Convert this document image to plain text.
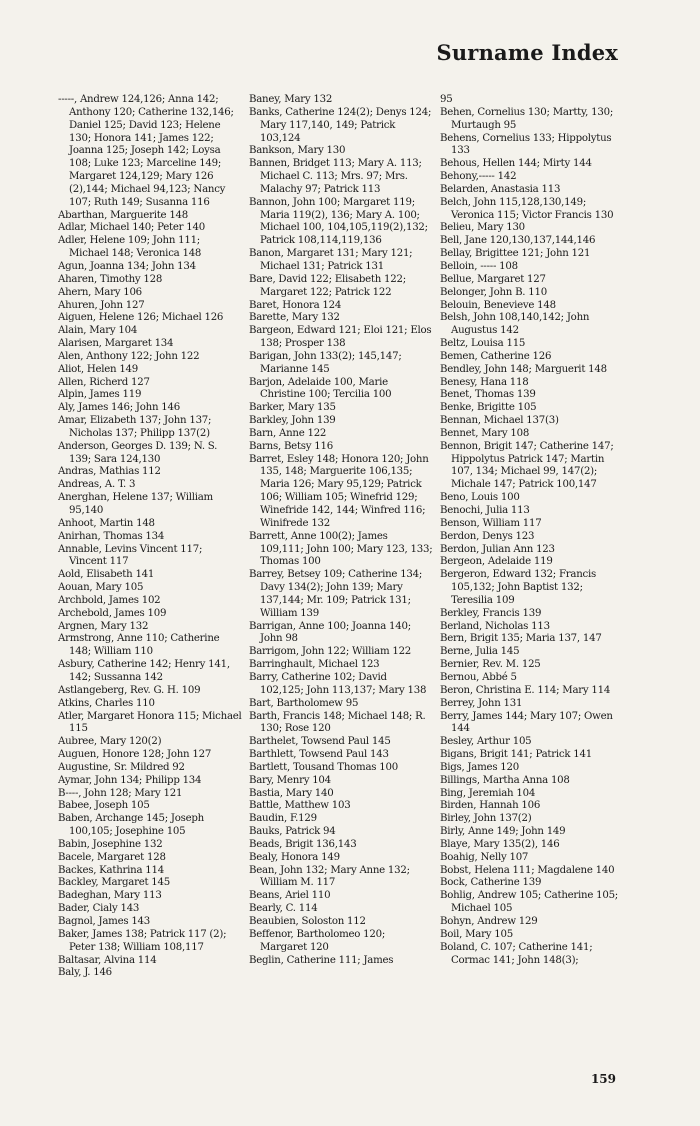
Surname Index

-----, Andrew 124,126; Anna 142; Anthony 120; Catherine 132,146; Daniel 125; David 123; Helene 130; Honora 141; James 122; Joanna 125; Joseph 142; Loysa 108; Luke 123; Marceline 149; Margaret 124,129; Mary 126 (2),144; Michael 94,123; Nancy 107; Ruth 149; Susanna 116

Abarthan, Marguerite 148

Adlar, Michael 140; Peter 140

Adler, Helene 109; John 111; Michael 148; Veronica 148

Agun, Joanna 134; John 134

Aharen, Timothy 128

Ahern, Mary 106

Ahuren, John 127

Aiguen, Helene 126; Michael 126

Alain, Mary 104

Alarisen, Margaret 134

Alen, Anthony 122; John 122

Aliot, Helen 149

Allen, Richerd 127

Alpin, James 119

Aly, James 146; John 146

Amar, Elizabeth 137; John 137; Nicholas 137; Philipp 137(2)

Anderson, Georges D. 139; N. S. 139; Sara 124,130

Andras, Mathias 112

Andreas, A. T. 3

Anerghan, Helene 137; William 95,140

Anhoot, Martin 148

Anirhan, Thomas 134

Annable, Levins Vincent 117; Vincent 117

Aold, Elisabeth 141

Aouan, Mary 105

Archbold, James 102

Archebold, James 109

Argnen, Mary 132

Armstrong, Anne 110; Catherine 148; William 110

Asbury, Catherine 142; Henry 141, 142; Sussanna 142

Astlangeberg, Rev. G. H. 109

Atkins, Charles 110

Atler, Margaret Honora 115; Michael 115

Aubree, Mary 120(2)

Auguen, Honore 128; John 127

Augustine, Sr. Mildred 92

Aymar, John 134; Philipp 134

B----, John 128; Mary 121

Babee, Joseph 105

Baben, Archange 145; Joseph 100,105; Josephine 105

Babin, Josephine 132

Bacele, Margaret 128

Backes, Kathrina 114

Backley, Margaret 145

Badeghan, Mary 113

Bader, Cialy 143

Bagnol, James 143

Baker, James 138; Patrick 117 (2); Peter 138; William 108,117

Baltasar, Alvina 114

Baly, J. 146

Baney, Mary 132

Banks, Catherine 124(2); Denys 124; Mary 117,140, 149; Patrick 103,124

Bankson, Mary 130

Bannen, Bridget 113; Mary A. 113; Michael C. 113; Mrs. 97; Mrs. Malachy 97; Patrick 113

Bannon, John 100; Margaret 119; Maria 119(2), 136; Mary A. 100; Michael 100, 104,105,119(2),132; Patrick 108,114,119,136

Banon, Margaret 131; Mary 121; Michael 131; Patrick 131

Bare, David 122; Elisabeth 122; Margaret 122; Patrick 122

Baret, Honora 124

Barette, Mary 132

Bargeon, Edward 121; Eloi 121; Elos 138; Prosper 138

Barigan, John 133(2); 145,147; Marianne 145

Barjon, Adelaide 100, Marie Christine 100; Tercilia 100

Barker, Mary 135

Barkley, John 139

Barn, Anne 122

Barns, Betsy 116

Barret, Esley 148; Honora 120; John 135, 148; Marguerite 106,135; Maria 126; Mary 95,129; Patrick 106; William 105; Winefrid 129; Winefride 142, 144; Winfred 116; Winifrede 132

Barrett, Anne 100(2); James 109,111; John 100; Mary 123, 133; Thomas 100

Barrey, Betsey 109; Catherine 134; Davy 134(2); John 139; Mary 137,144; Mr. 109; Patrick 131; William 139

Barrigan, Anne 100; Joanna 140; John 98

Barrigom, John 122; William 122

Barringhault, Michael 123

Barry, Catherine 102; David 102,125; John 113,137; Mary 138

Bart, Bartholomew 95

Barth, Francis 148; Michael 148; R. 130; Rose 120

Barthelet, Towsend Paul 145

Barthlett, Towsend Paul 143

Bartlett, Tousand Thomas 100

Bary, Menry 104

Bastia, Mary 140

Battle, Matthew 103

Baudin, F.129

Bauks, Patrick 94

Beads, Brigit 136,143

Bealy, Honora 149

Bean, John 132; Mary Anne 132; William M. 117

Beans, Ariel 110

Bearly, C. 114

Beaubien, Soloston 112

Beffenor, Bartholomeo 120; Margaret 120

Beglin, Catherine 111; James

95

Behen, Cornelius 130; Martty, 130; Murtaugh 95

Behens, Cornelius 133; Hippolytus 133

Behous, Hellen 144; Mirty 144

Behony,----- 142

Belarden, Anastasia 113

Belch, John 115,128,130,149; Veronica 115; Victor Francis 130

Belieu, Mary 130

Bell, Jane 120,130,137,144,146

Bellay, Brigittee 121; John 121

Belloin, ----- 108

Bellue, Margaret 127

Belonger, John B. 110

Belouin, Benevieve 148

Belsh, John 108,140,142; John Augustus 142

Beltz, Louisa 115

Bemen, Catherine 126

Bendley, John 148; Marguerit 148

Benesy, Hana 118

Benet, Thomas 139

Benke, Brigitte 105

Bennan, Michael 137(3)

Bennet, Mary 108

Bennon, Brigit 147; Catherine 147; Hippolytus Patrick 147; Martin 107, 134; Michael 99, 147(2); Michale 147; Patrick 100,147

Beno, Louis 100

Benochi, Julia 113

Benson, William 117

Berdon, Denys 123

Berdon, Julian Ann 123

Bergeon, Adelaide 119

Bergeron, Edward 132; Francis 105,132; John Baptist 132; Teresilia 109

Berkley, Francis 139

Berland, Nicholas 113

Bern, Brigit 135; Maria 137, 147

Berne, Julia 145

Bernier, Rev. M. 125

Bernou, Abbé 5

Beron, Christina E. 114; Mary 114

Berrey, John 131

Berry, James 144; Mary 107; Owen 144

Besley, Arthur 105

Bigans, Brigit 141; Patrick 141

Bigs, James 120

Billings, Martha Anna 108

Bing, Jeremiah 104

Birden, Hannah 106

Birley, John 137(2)

Birly, Anne 149; John 149

Blaye, Mary 135(2), 146

Boahig, Nelly 107

Bobst, Helena 111; Magdalene 140

Bock, Catherine 139

Bohlig, Andrew 105; Catherine 105; Michael 105

Bohyn, Andrew 129

Boil, Mary 105

Boland, C. 107; Catherine 141; Cormac 141; John 148(3);

159
